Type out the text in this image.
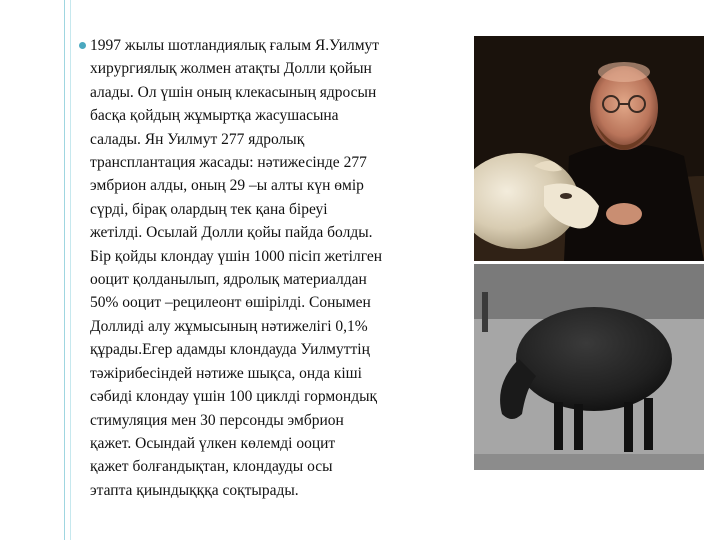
1997 жылы шотландиялық ғалым Я.Уилмут
хирургиялық жолмен атақты Долли қойын
алады. Ол үшін оның клекасының ядросын
басқа қойдың жұмыртқа жасушасына
салады. Ян Уилмут 277 ядролық
трансплантация жасады: нәтижесінде 277
эмбрион алды, оның 29 –ы алты күн өмір
сүрді, бірақ олардың тек қана біреуі
жетілді. Осылай Долли қойы пайда болды.
Бір қойды клондау үшін 1000 пісіп жетілген
ооцит қолданылып, ядролық материалдан
50% ооцит –рецилеонт өшірілді. Сонымен
Доллиді алу жұмысының нәтижелігі 0,1%
құрады.Егер адамды клондауда Уилмуттің
тәжірибесіндей нәтиже шықса, онда кіші
сәбиді клондау үшін 100 циклді гормондық
стимуляция мен 30 персонды эмбрион
қажет. Осындай үлкен көлемді ооцит
қажет болғандықтан, клондауды осы
этапта қиындықққа соқтырады.
